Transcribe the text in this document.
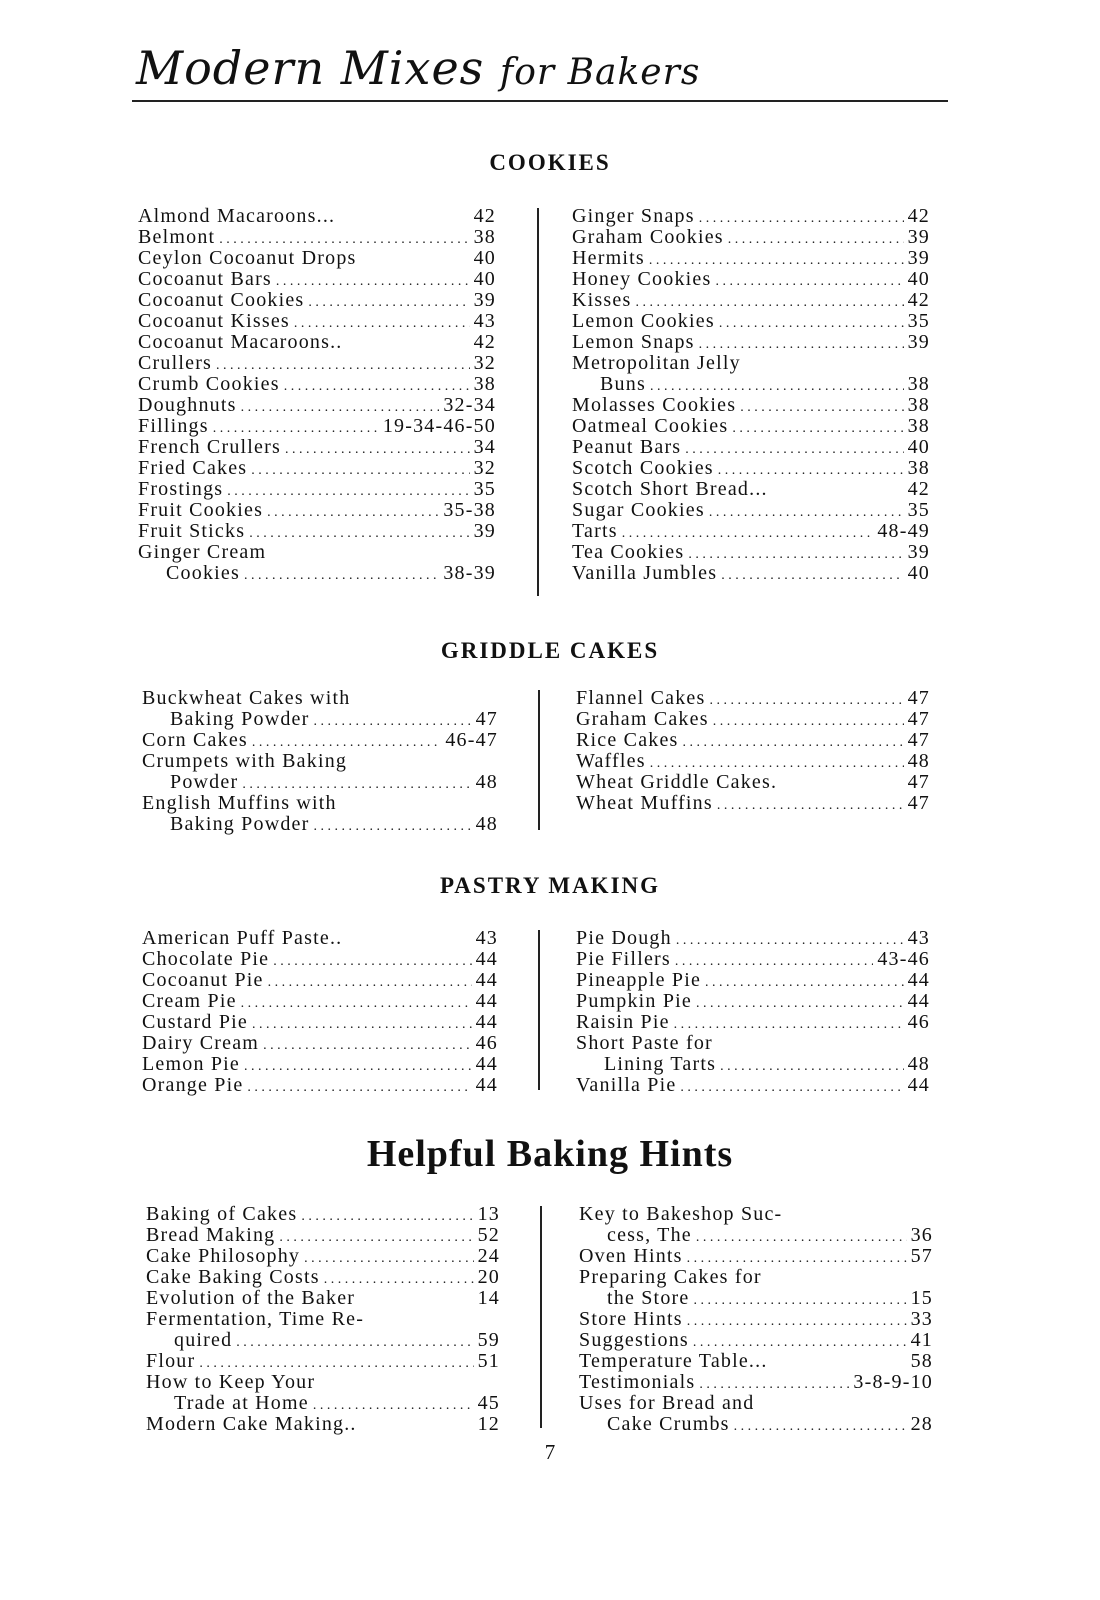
Modern Mixes for Bakers
COOKIES
Almond Macaroons...	42
Belmont . . .	38
Ceylon Cocoanut Drops	40
Cocoanut Bars . . .	40
Cocoanut Cookies . . .	39
Cocoanut Kisses . . .	43
Cocoanut Macaroons..	42
Crullers . . .	32
Crumb Cookies . . .	38
Doughnuts . . .	32-34
Fillings . . .	19-34-46-50
French Crullers . . .	34
Fried Cakes . . .	32
Frostings . . .	35
Fruit Cookies . . .	35-38
Fruit Sticks . . .	39
Ginger Cream
Cookies . . .	38-39
Ginger Snaps . . .	42
Graham Cookies . . .	39
Hermits . . .	39
Honey Cookies . . .	40
Kisses . . .	42
Lemon Cookies . . .	35
Lemon Snaps . . .	39
Metropolitan Jelly
Buns . . .	38
Molasses Cookies . . .	38
Oatmeal Cookies . . .	38
Peanut Bars . . .	40
Scotch Cookies . . .	38
Scotch Short Bread...	42
Sugar Cookies . . .	35
Tarts . . .	48-49
Tea Cookies . . .	39
Vanilla Jumbles . . .	40
GRIDDLE CAKES
Buckwheat Cakes with
Baking Powder . . .	47
Corn Cakes . . .	46-47
Crumpets with Baking
Powder . . .	48
English Muffins with
Baking Powder . . .	48
Flannel Cakes . . .	47
Graham Cakes . . .	47
Rice Cakes . . .	47
Waffles . . .	48
Wheat Griddle Cakes.	47
Wheat Muffins . . .	47
PASTRY MAKING
American Puff Paste..	43
Chocolate Pie . . .	44
Cocoanut Pie . . .	44
Cream Pie . . .	44
Custard Pie . . .	44
Dairy Cream . . .	46
Lemon Pie . . .	44
Orange Pie . . .	44
Pie Dough . . .	43
Pie Fillers . . .	43-46
Pineapple Pie . . .	44
Pumpkin Pie . . .	44
Raisin Pie . . .	46
Short Paste for
Lining Tarts . . .	48
Vanilla Pie . . .	44
Helpful Baking Hints
Baking of Cakes . . .	13
Bread Making . . .	52
Cake Philosophy . . .	24
Cake Baking Costs . . .	20
Evolution of the Baker	14
Fermentation, Time Re-
quired . . .	59
Flour . . .	51
How to Keep Your
Trade at Home . . .	45
Modern Cake Making..	12
Key to Bakeshop Suc-
cess, The . . .	36
Oven Hints . . .	57
Preparing Cakes for
the Store . . .	15
Store Hints . . .	33
Suggestions . . .	41
Temperature Table...	58
Testimonials . . .	3-8-9-10
Uses for Bread and
Cake Crumbs . . .	28
7
